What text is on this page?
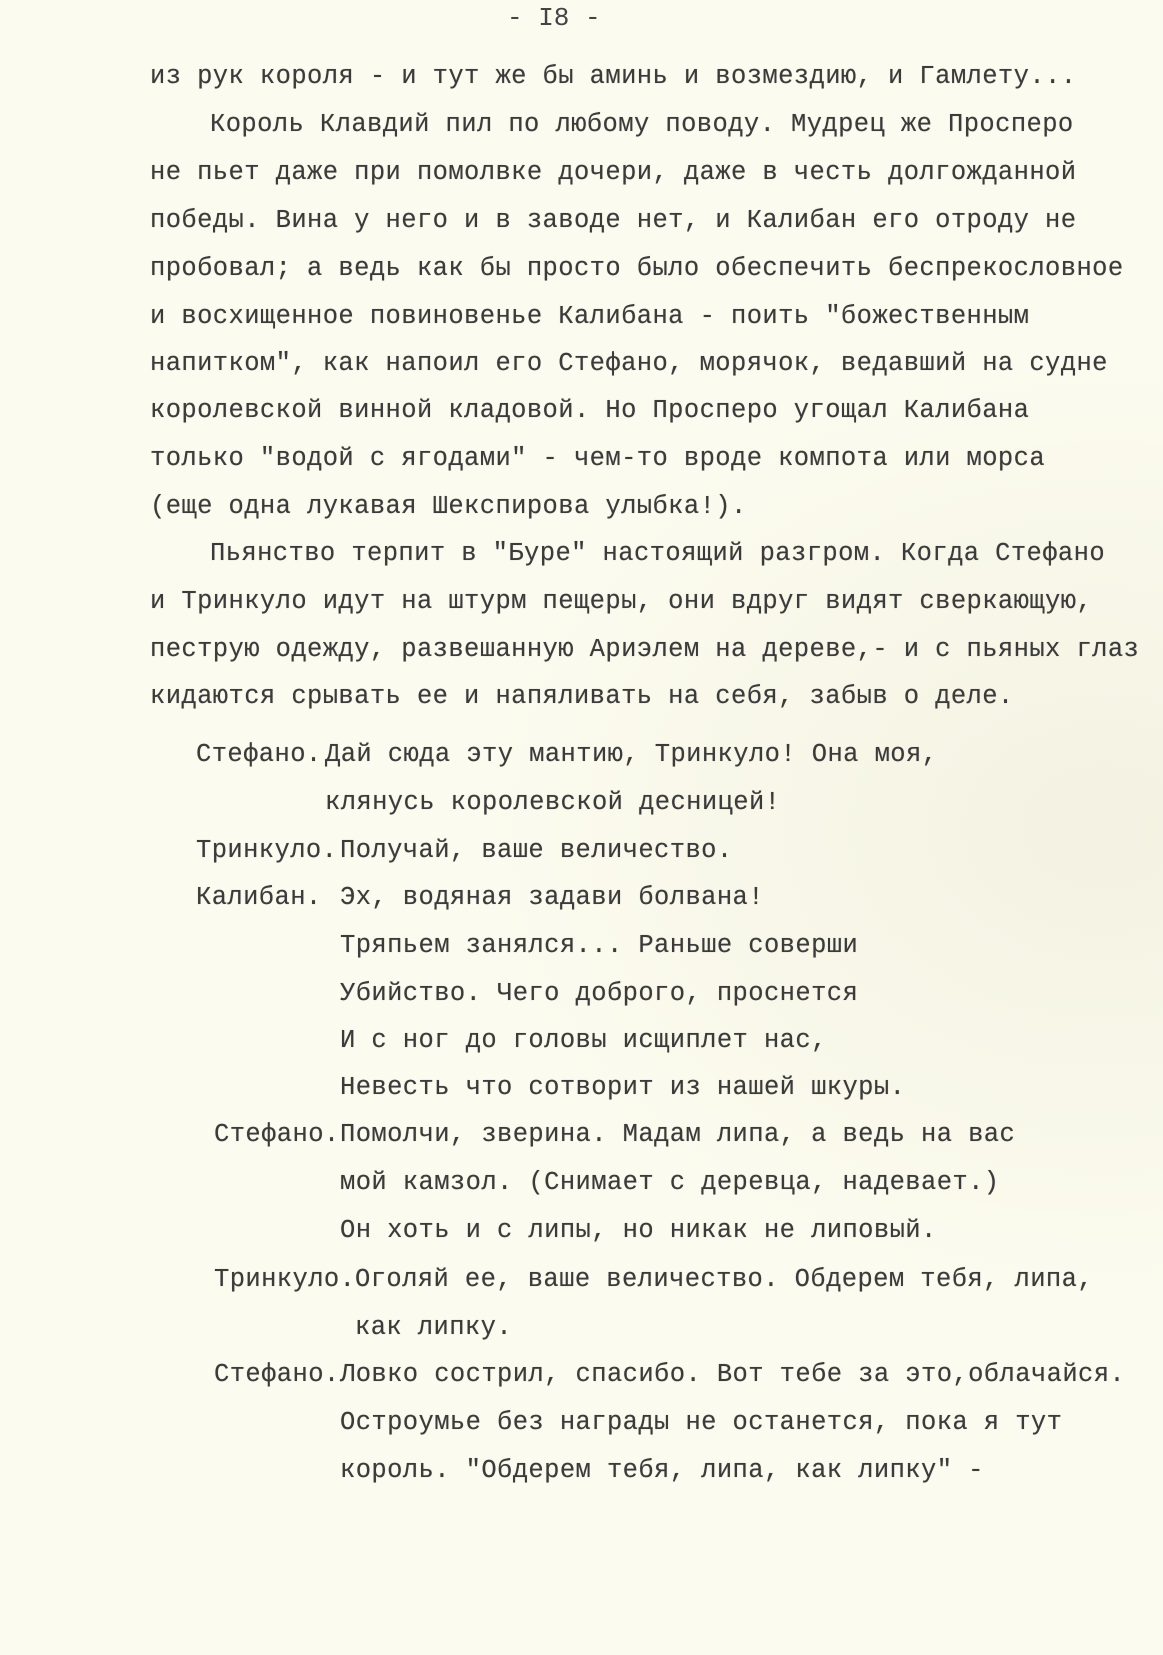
- I8 -
из рук короля - и тут же бы аминь и возмездию, и Гамлету...
Король Клавдий пил по любому поводу. Мудрец же Просперо
не пьет даже при помолвке дочери, даже в честь долгожданной
победы. Вина у него и в заводе нет, и Калибан его отроду не
пробовал; а ведь как бы просто было обеспечить беспрекословное
и восхищенное повиновенье Калибана - поить "божественным
напитком", как напоил его Стефано, морячок, ведавший на судне
королевской винной кладовой. Но Просперо угощал Калибана
только "водой с ягодами" - чем-то вроде компота или морса
(еще одна лукавая Шекспирова улыбка!).
Пьянство терпит в "Буре" настоящий разгром. Когда Стефано
и Тринкуло идут на штурм пещеры, они вдруг видят сверкающую,
пеструю одежду, развешанную Ариэлем на дереве,- и с пьяных глаз
кидаются срывать ее и напяливать на себя, забыв о деле.
Стефано. Дай сюда эту мантию, Тринкуло! Она моя,
клянусь королевской десницей!
Тринкуло. Получай, ваше величество.
Калибан. Эх, водяная задави болвана!
Тряпьем занялся... Раньше соверши
Убийство. Чего доброго, проснется
И с ног до головы исщиплет нас,
Невесть что сотворит из нашей шкуры.
Стефано. Помолчи, зверина. Мадам липа, а ведь на вас
мой камзол. (Снимает с деревца, надевает.)
Он хоть и с липы, но никак не липовый.
Тринкуло. Оголяй ее, ваше величество. Обдерем тебя, липа,
как липку.
Стефано. Ловко сострил, спасибо. Вот тебе за это,облачайся.
Остроумье без награды не останется, пока я тут
король. "Обдерем тебя, липа, как липку" -
